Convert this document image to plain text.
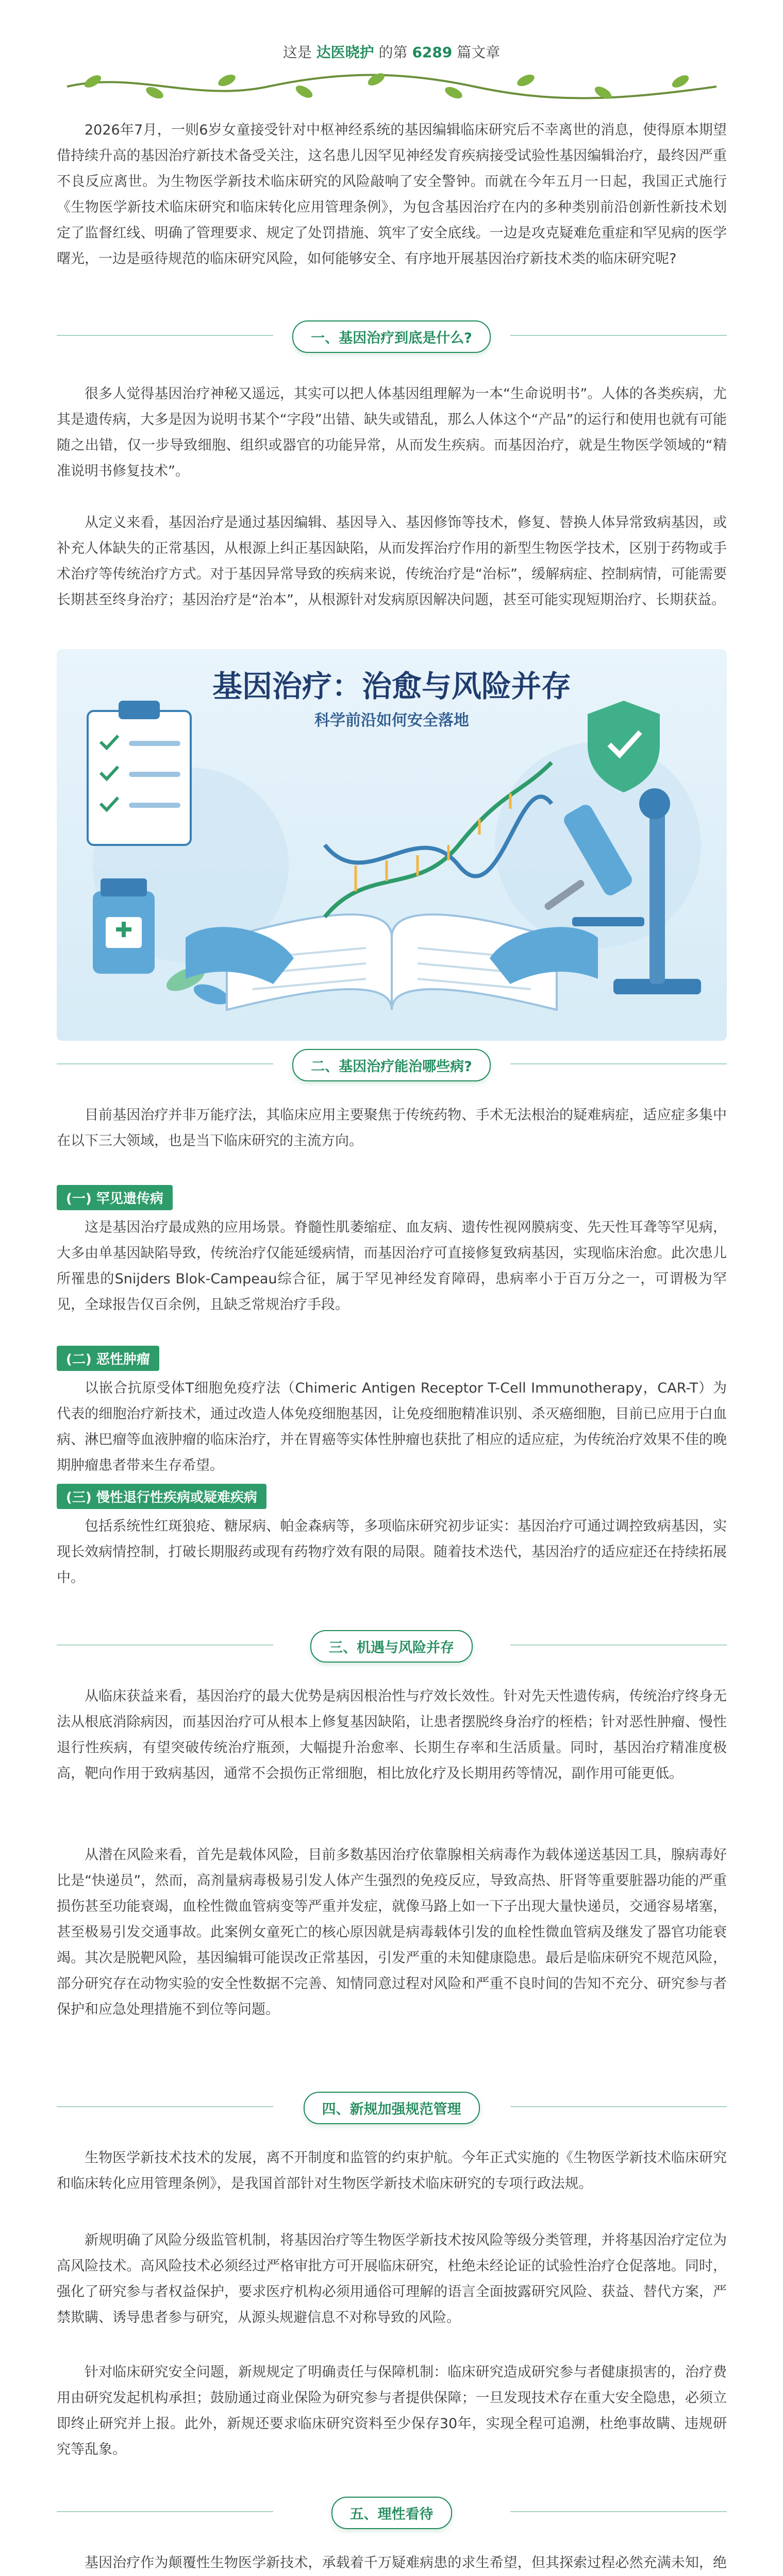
这是 达医晓护 的第 6289 篇文章

2026年7月，一则6岁女童接受针对中枢神经系统的基因编辑临床研究后不幸离世的消息，使得原本期望借持续升高的基因治疗新技术备受关注，这名患儿因罕见神经发育疾病接受试验性基因编辑治疗，最终因严重不良反应离世。为生物医学新技术临床研究的风险敲响了安全警钟。而就在今年五月一日起，我国正式施行《生物医学新技术临床研究和临床转化应用管理条例》，为包含基因治疗在内的多种类别前沿创新性新技术划定了监督红线、明确了管理要求、规定了处罚措施、筑牢了安全底线。一边是攻克疑难危重症和罕见病的医学曙光，一边是亟待规范的临床研究风险，如何能够安全、有序地开展基因治疗新技术类的临床研究呢?

一、基因治疗到底是什么?

很多人觉得基因治疗神秘又遥远，其实可以把人体基因组理解为一本“生命说明书”。人体的各类疾病，尤其是遗传病，大多是因为说明书某个“字段”出错、缺失或错乱，那么人体这个“产品”的运行和使用也就有可能随之出错，仅一步导致细胞、组织或器官的功能异常，从而发生疾病。而基因治疗，就是生物医学领域的“精准说明书修复技术”。

从定义来看，基因治疗是通过基因编辑、基因导入、基因修饰等技术，修复、替换人体异常致病基因，或补充人体缺失的正常基因，从根源上纠正基因缺陷，从而发挥治疗作用的新型生物医学技术，区别于药物或手术治疗等传统治疗方式。对于基因异常导致的疾病来说，传统治疗是“治标”，缓解病症、控制病情，可能需要长期甚至终身治疗；基因治疗是“治本”，从根源针对发病原因解决问题，甚至可能实现短期治疗、长期获益。

基因治疗：治愈与风险并存
科学前沿如何安全落地
二、基因治疗能治哪些病?

目前基因治疗并非万能疗法，其临床应用主要聚焦于传统药物、手术无法根治的疑难病症，适应症多集中在以下三大领域，也是当下临床研究的主流方向。

(一) 罕见遗传病

这是基因治疗最成熟的应用场景。脊髓性肌萎缩症、血友病、遗传性视网膜病变、先天性耳聋等罕见病，大多由单基因缺陷导致，传统治疗仅能延缓病情，而基因治疗可直接修复致病基因，实现临床治愈。此次患儿所罹患的Snijders Blok-Campeau综合征，属于罕见神经发育障碍，患病率小于百万分之一，可谓极为罕见，全球报告仅百余例，且缺乏常规治疗手段。

(二) 恶性肿瘤

以嵌合抗原受体T细胞免疫疗法（Chimeric Antigen Receptor T-Cell Immunotherapy，CAR-T）为代表的细胞治疗新技术，通过改造人体免疫细胞基因，让免疫细胞精准识别、杀灭癌细胞，目前已应用于白血病、淋巴瘤等血液肿瘤的临床治疗，并在胃癌等实体性肿瘤也获批了相应的适应症，为传统治疗效果不佳的晚期肿瘤患者带来生存希望。

(三) 慢性退行性疾病或疑难疾病

包括系统性红斑狼疮、糖尿病、帕金森病等，多项临床研究初步证实：基因治疗可通过调控致病基因，实现长效病情控制，打破长期服药或现有药物疗效有限的局限。随着技术迭代，基因治疗的适应症还在持续拓展中。

三、机遇与风险并存

从临床获益来看，基因治疗的最大优势是病因根治性与疗效长效性。针对先天性遗传病，传统治疗终身无法从根底消除病因，而基因治疗可从根本上修复基因缺陷，让患者摆脱终身治疗的桎梏；针对恶性肿瘤、慢性退行性疾病，有望突破传统治疗瓶颈，大幅提升治愈率、长期生存率和生活质量。同时，基因治疗精准度极高，靶向作用于致病基因，通常不会损伤正常细胞，相比放化疗及长期用药等情况，副作用可能更低。

从潜在风险来看，首先是载体风险，目前多数基因治疗依靠腺相关病毒作为载体递送基因工具，腺病毒好比是“快递员”，然而，高剂量病毒极易引发人体产生强烈的免疫反应，导致高热、肝肾等重要脏器功能的严重损伤甚至功能衰竭，血栓性微血管病变等严重并发症，就像马路上如一下子出现大量快递员，交通容易堵塞，甚至极易引发交通事故。此案例女童死亡的核心原因就是病毒载体引发的血栓性微血管病及继发了器官功能衰竭。其次是脱靶风险，基因编辑可能误改正常基因，引发严重的未知健康隐患。最后是临床研究不规范风险，部分研究存在动物实验的安全性数据不完善、知情同意过程对风险和严重不良时间的告知不充分、研究参与者保护和应急处理措施不到位等问题。

四、新规加强规范管理

生物医学新技术技术的发展，离不开制度和监管的约束护航。今年正式实施的《生物医学新技术临床研究和临床转化应用管理条例》，是我国首部针对生物医学新技术临床研究的专项行政法规。

新规明确了风险分级监管机制，将基因治疗等生物医学新技术按风险等级分类管理，并将基因治疗定位为高风险技术。高风险技术必须经过严格审批方可开展临床研究，杜绝未经论证的试验性治疗仓促落地。同时，强化了研究参与者权益保护，要求医疗机构必须用通俗可理解的语言全面披露研究风险、获益、替代方案，严禁欺瞒、诱导患者参与研究，从源头规避信息不对称导致的风险。

针对临床研究安全问题，新规规定了明确责任与保障机制：临床研究造成研究参与者健康损害的，治疗费用由研究发起机构承担；鼓励通过商业保险为研究参与者提供保障；一旦发现技术存在重大安全隐患，必须立即终止研究并上报。此外，新规还要求临床研究资料至少保存30年，实现全程可追溯，杜绝事故瞒、违规研究等乱象。

五、理性看待

基因治疗作为颠覆性生物医学新技术，承载着千万疑难病患的求生希望，但其探索过程必然充满未知，绝
